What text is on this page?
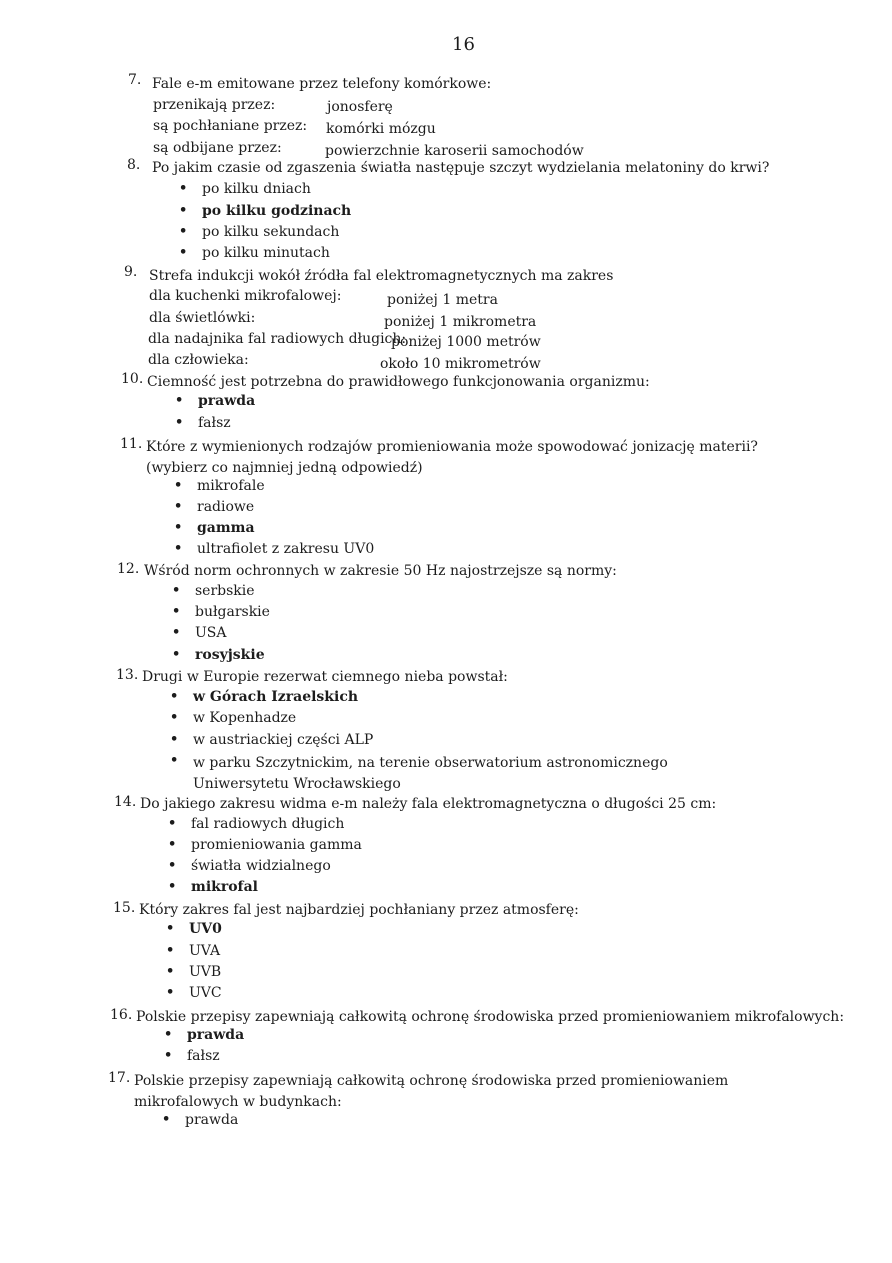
16
7. Fale e-m emitowane przez telefony komórkowe:
przenikają przez:	jonosferę
są pochłaniane przez: komórki mózgu
są odbijane przez:	powierzchnie karoserii samochodów
8. Po jakim czasie od zgaszenia światła następuje szczyt wydzielania melatoniny do krwi?
• po kilku dniach
• po kilku godzinach
• po kilku sekundach
• po kilku minutach
9. Strefa indukcji wokół źródła fal elektromagnetycznych ma zakres
dla kuchenki mikrofalowej:	poniżej 1 metra
dla świetlówki:	poniżej 1 mikrometra
dla nadajnika fal radiowych długich:
poniżej 1000 metrów
dla człowieka:	około 10 mikrometrów
10. Ciemność jest potrzebna do prawidłowego funkcjonowania organizmu:
• prawda
• fałsz
11. Które z wymienionych rodzajów promieniowania może spowodować jonizację materii?(wybierz co najmniej jedną odpowiedź)
• mikrofale
• radiowe
• gamma
• ultrafiolet z zakresu UV0
12. Wśród norm ochronnych w zakresie 50 Hz najostrzejsze są normy:
• serbskie
• bułgarskie
• USA
• rosyjskie
13. Drugi w Europie rezerwat ciemnego nieba powstał:
• w Górach Izraelskich
• w Kopenhadze
• w austriackiej części ALP
• w parku Szczytnickim, na terenie obserwatorium astronomicznego Uniwersytetu Wrocławskiego
14. Do jakiego zakresu widma e-m należy fala elektromagnetyczna o długości 25 cm:
• fal radiowych długich
• promieniowania gamma
• światła widzialnego
• mikrofal
15. Który zakres fal jest najbardziej pochłaniany przez atmosferę:
• UV0
• UVA
• UVB
• UVC
16. Polskie przepisy zapewniają całkowitą ochronę środowiska przed promieniowaniem mikrofalowych:
• prawda
• fałsz
17. Polskie przepisy zapewniają całkowitą ochronę środowiska przed promieniowaniem mikrofalowych w budynkach:
• prawda
